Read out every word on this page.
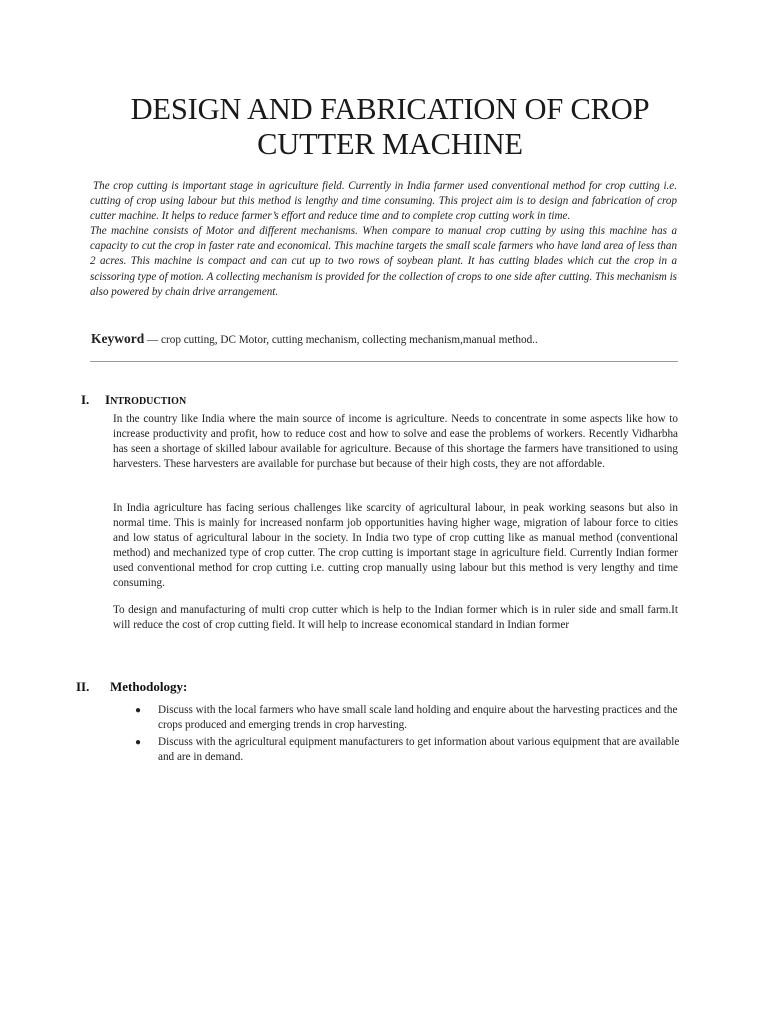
DESIGN AND FABRICATION OF CROP
CUTTER MACHINE

The crop cutting is important stage in agriculture field. Currently in India farmer used conventional method for crop cutting i.e. cutting of crop using labour but this method is lengthy and time consuming. This project aim is to design and fabrication of crop cutter machine. It helps to reduce farmer’s effort and reduce time and to complete crop cutting work in time.

The machine consists of Motor and different mechanisms. When compare to manual crop cutting by using this machine has a capacity to cut the crop in faster rate and economical. This machine targets the small scale farmers who have land area of less than 2 acres. This machine is compact and can cut up to two rows of soybean plant. It has cutting blades which cut the crop in a scissoring type of motion. A collecting mechanism is provided for the collection of crops to one side after cutting. This mechanism is also powered by chain drive arrangement.

Keyword — crop cutting, DC Motor, cutting mechanism, collecting mechanism,manual method..
I. INTRODUCTION

In the country like India where the main source of income is agriculture. Needs to concentrate in some aspects like how to increase productivity and profit, how to reduce cost and how to solve and ease the problems of workers. Recently Vidharbha has seen a shortage of skilled labour available for agriculture. Because of this shortage the farmers have transitioned to using harvesters. These harvesters are available for purchase but because of their high costs, they are not affordable.

In India agriculture has facing serious challenges like scarcity of agricultural labour, in peak working seasons but also in normal time. This is mainly for increased nonfarm job opportunities having higher wage, migration of labour force to cities and low status of agricultural labour in the society. In India two type of crop cutting like as manual method (conventional method) and mechanized type of crop cutter. The crop cutting is important stage in agriculture field. Currently Indian former used conventional method for crop cutting i.e. cutting crop manually using labour but this method is very lengthy and time consuming.

To design and manufacturing of multi crop cutter which is help to the Indian former which is in ruler side and small farm.It will reduce the cost of crop cutting field. It will help to increase economical standard in Indian former

II. Methodology:
● Discuss with the local farmers who have small scale land holding and enquire about the harvesting practices and the crops produced and emerging trends in crop harvesting.
● Discuss with the agricultural equipment manufacturers to get information about various equipment that are available and are in demand.
